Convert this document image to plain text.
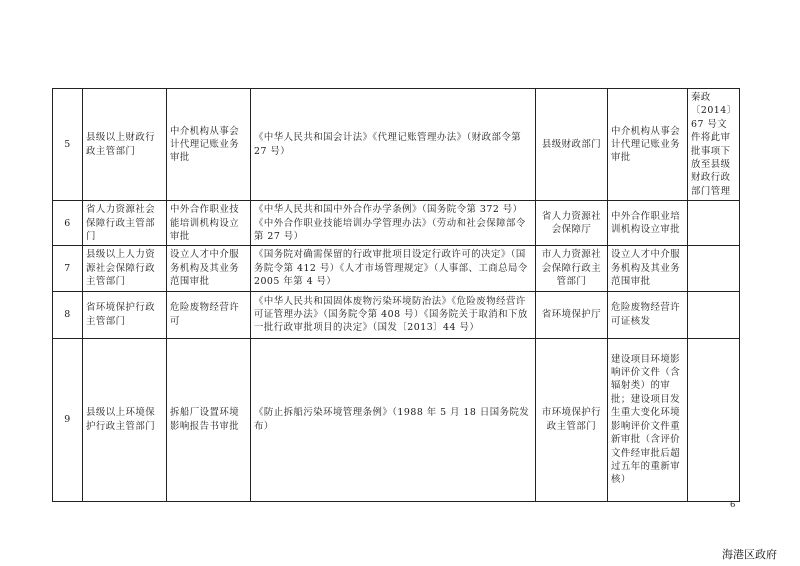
5	县级以上财政行政主管部门	中介机构从事会计代理记账业务审批	《中华人民共和国会计法》《代理记账管理办法》（财政部令第 27 号）	县级财政部门	中介机构从事会计代理记账业务审批	秦政〔2014〕67 号文件将此审批事项下放至县级财政行政部门管理
6	省人力资源社会保障行政主管部门	中外合作职业技能培训机构设立审批	《中华人民共和国中外合作办学条例》（国务院令第 372 号）《中外合作职业技能培训办学管理办法》（劳动和社会保障部令第 27 号）	省人力资源社会保障厅	中外合作职业培训机构设立审批	
7	县级以上人力资源社会保障行政主管部门	设立人才中介服务机构及其业务范围审批	《国务院对确需保留的行政审批项目设定行政许可的决定》（国务院令第 412 号）《人才市场管理规定》（人事部、工商总局令 2005 年第 4 号）	市人力资源社会保障行政主管部门	设立人才中介服务机构及其业务范围审批	
8	省环境保护行政主管部门	危险废物经营许可	《中华人民共和国固体废物污染环境防治法》《危险废物经营许可证管理办法》（国务院令第 408 号）《国务院关于取消和下放一批行政审批项目的决定》（国发〔2013〕44 号）	省环境保护厅	危险废物经营许可证核发	
9	县级以上环境保护行政主管部门	拆船厂设置环境影响报告书审批	《防止拆船污染环境管理条例》（1988 年 5 月 18 日国务院发布）	市环境保护行政主管部门	建设项目环境影响评价文件（含辐射类）的审批；建设项目发生重大变化环境影响评价文件重新审批（含评价文件经审批后超过五年的重新审核）	
6
海港区政府
